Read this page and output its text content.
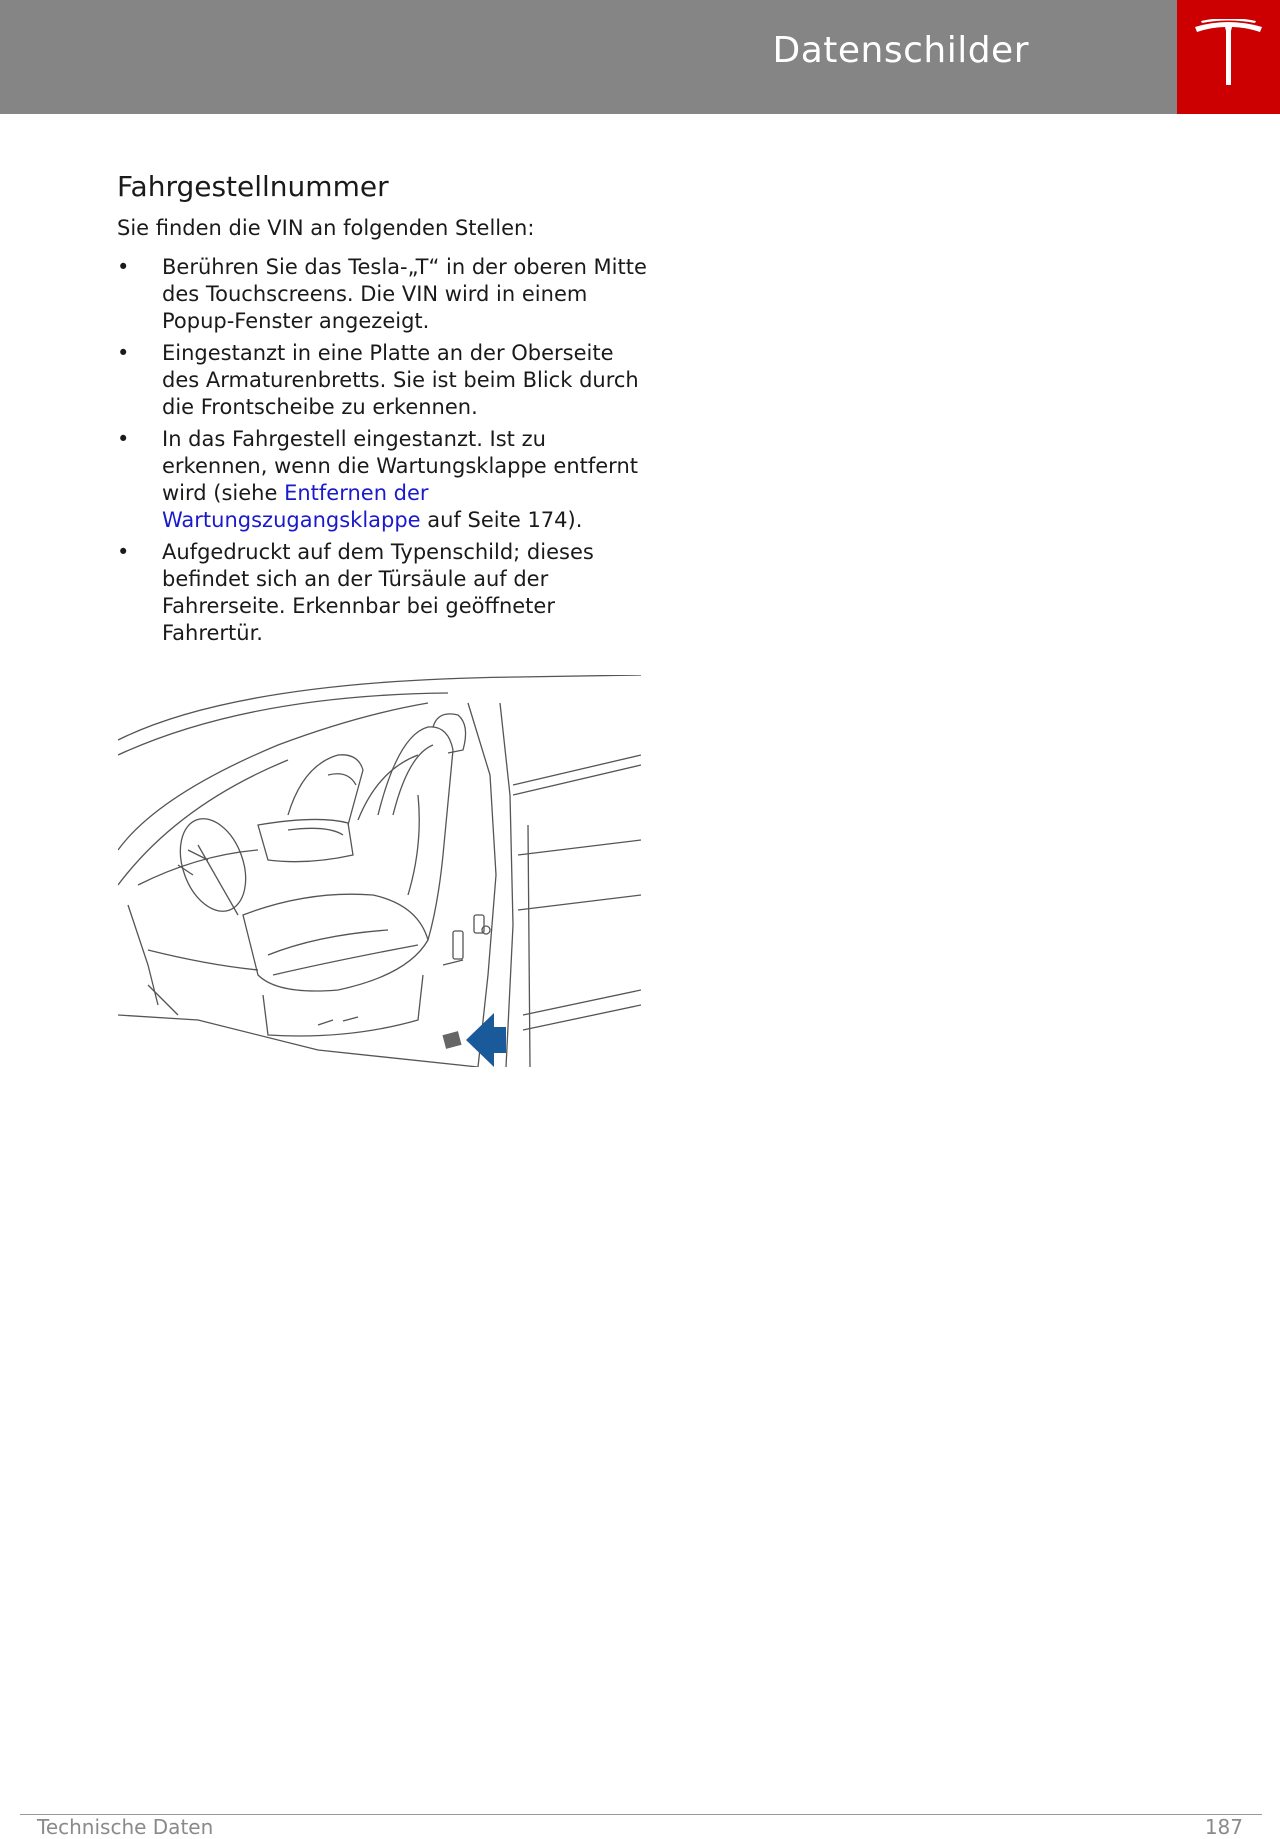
Datenschilder
Fahrgestellnummer

Sie finden die VIN an folgenden Stellen:

• Berühren Sie das Tesla-„T“ in der oberen Mitte des Touchscreens. Die VIN wird in einem Popup-Fenster angezeigt.
• Eingestanzt in eine Platte an der Oberseite des Armaturenbretts. Sie ist beim Blick durch die Frontscheibe zu erkennen.
• In das Fahrgestell eingestanzt. Ist zu erkennen, wenn die Wartungsklappe entfernt wird (siehe Entfernen der Wartungszugangsklappe auf Seite 174).
• Aufgedruckt auf dem Typenschild; dieses befindet sich an der Türsäule auf der Fahrerseite. Erkennbar bei geöffneter Fahrertür.
Technische Daten	187
